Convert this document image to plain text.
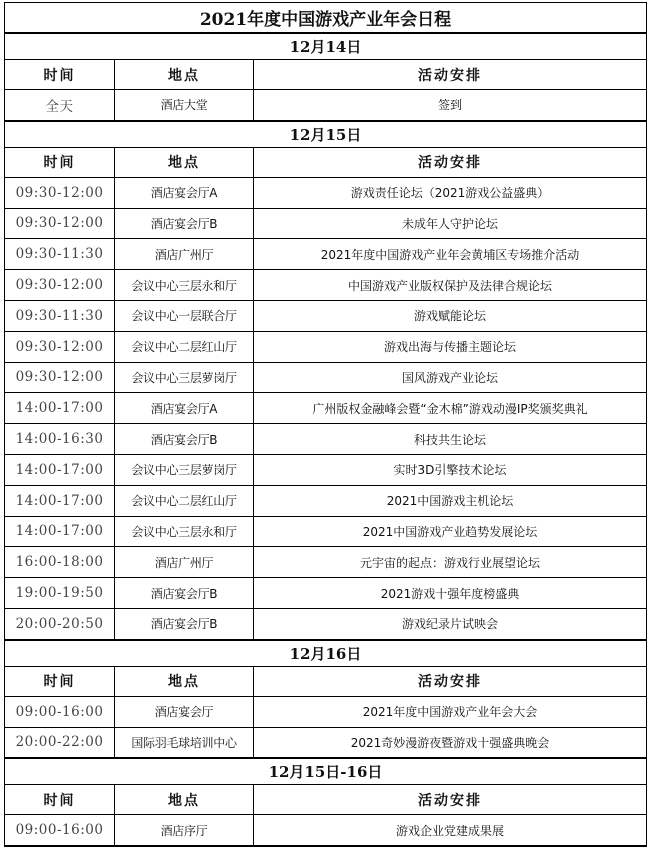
2021年度中国游戏产业年会日程		
12月14日		
时间	地点	活动安排
全天	酒店大堂	签到
12月15日		
时间	地点	活动安排
09:30-12:00	酒店宴会厅A	游戏责任论坛（2021游戏公益盛典）
09:30-12:00	酒店宴会厅B	未成年人守护论坛
09:30-11:30	酒店广州厅	2021年度中国游戏产业年会黄埔区专场推介活动
09:30-12:00	会议中心三层永和厅	中国游戏产业版权保护及法律合规论坛
09:30-11:30	会议中心一层联合厅	游戏赋能论坛
09:30-12:00	会议中心二层红山厅	游戏出海与传播主题论坛
09:30-12:00	会议中心三层萝岗厅	国风游戏产业论坛
14:00-17:00	酒店宴会厅A	广州版权金融峰会暨“金木棉”游戏动漫IP奖颁奖典礼
14:00-16:30	酒店宴会厅B	科技共生论坛
14:00-17:00	会议中心三层萝岗厅	实时3D引擎技术论坛
14:00-17:00	会议中心二层红山厅	2021中国游戏主机论坛
14:00-17:00	会议中心三层永和厅	2021中国游戏产业趋势发展论坛
16:00-18:00	酒店广州厅	元宇宙的起点：游戏行业展望论坛
19:00-19:50	酒店宴会厅B	2021游戏十强年度榜盛典
20:00-20:50	酒店宴会厅B	游戏纪录片试映会
12月16日		
时间	地点	活动安排
09:00-16:00	酒店宴会厅	2021年度中国游戏产业年会大会
20:00-22:00	国际羽毛球培训中心	2021奇妙漫游夜暨游戏十强盛典晚会
12月15日-16日		
时间	地点	活动安排
09:00-16:00	酒店序厅	游戏企业党建成果展
